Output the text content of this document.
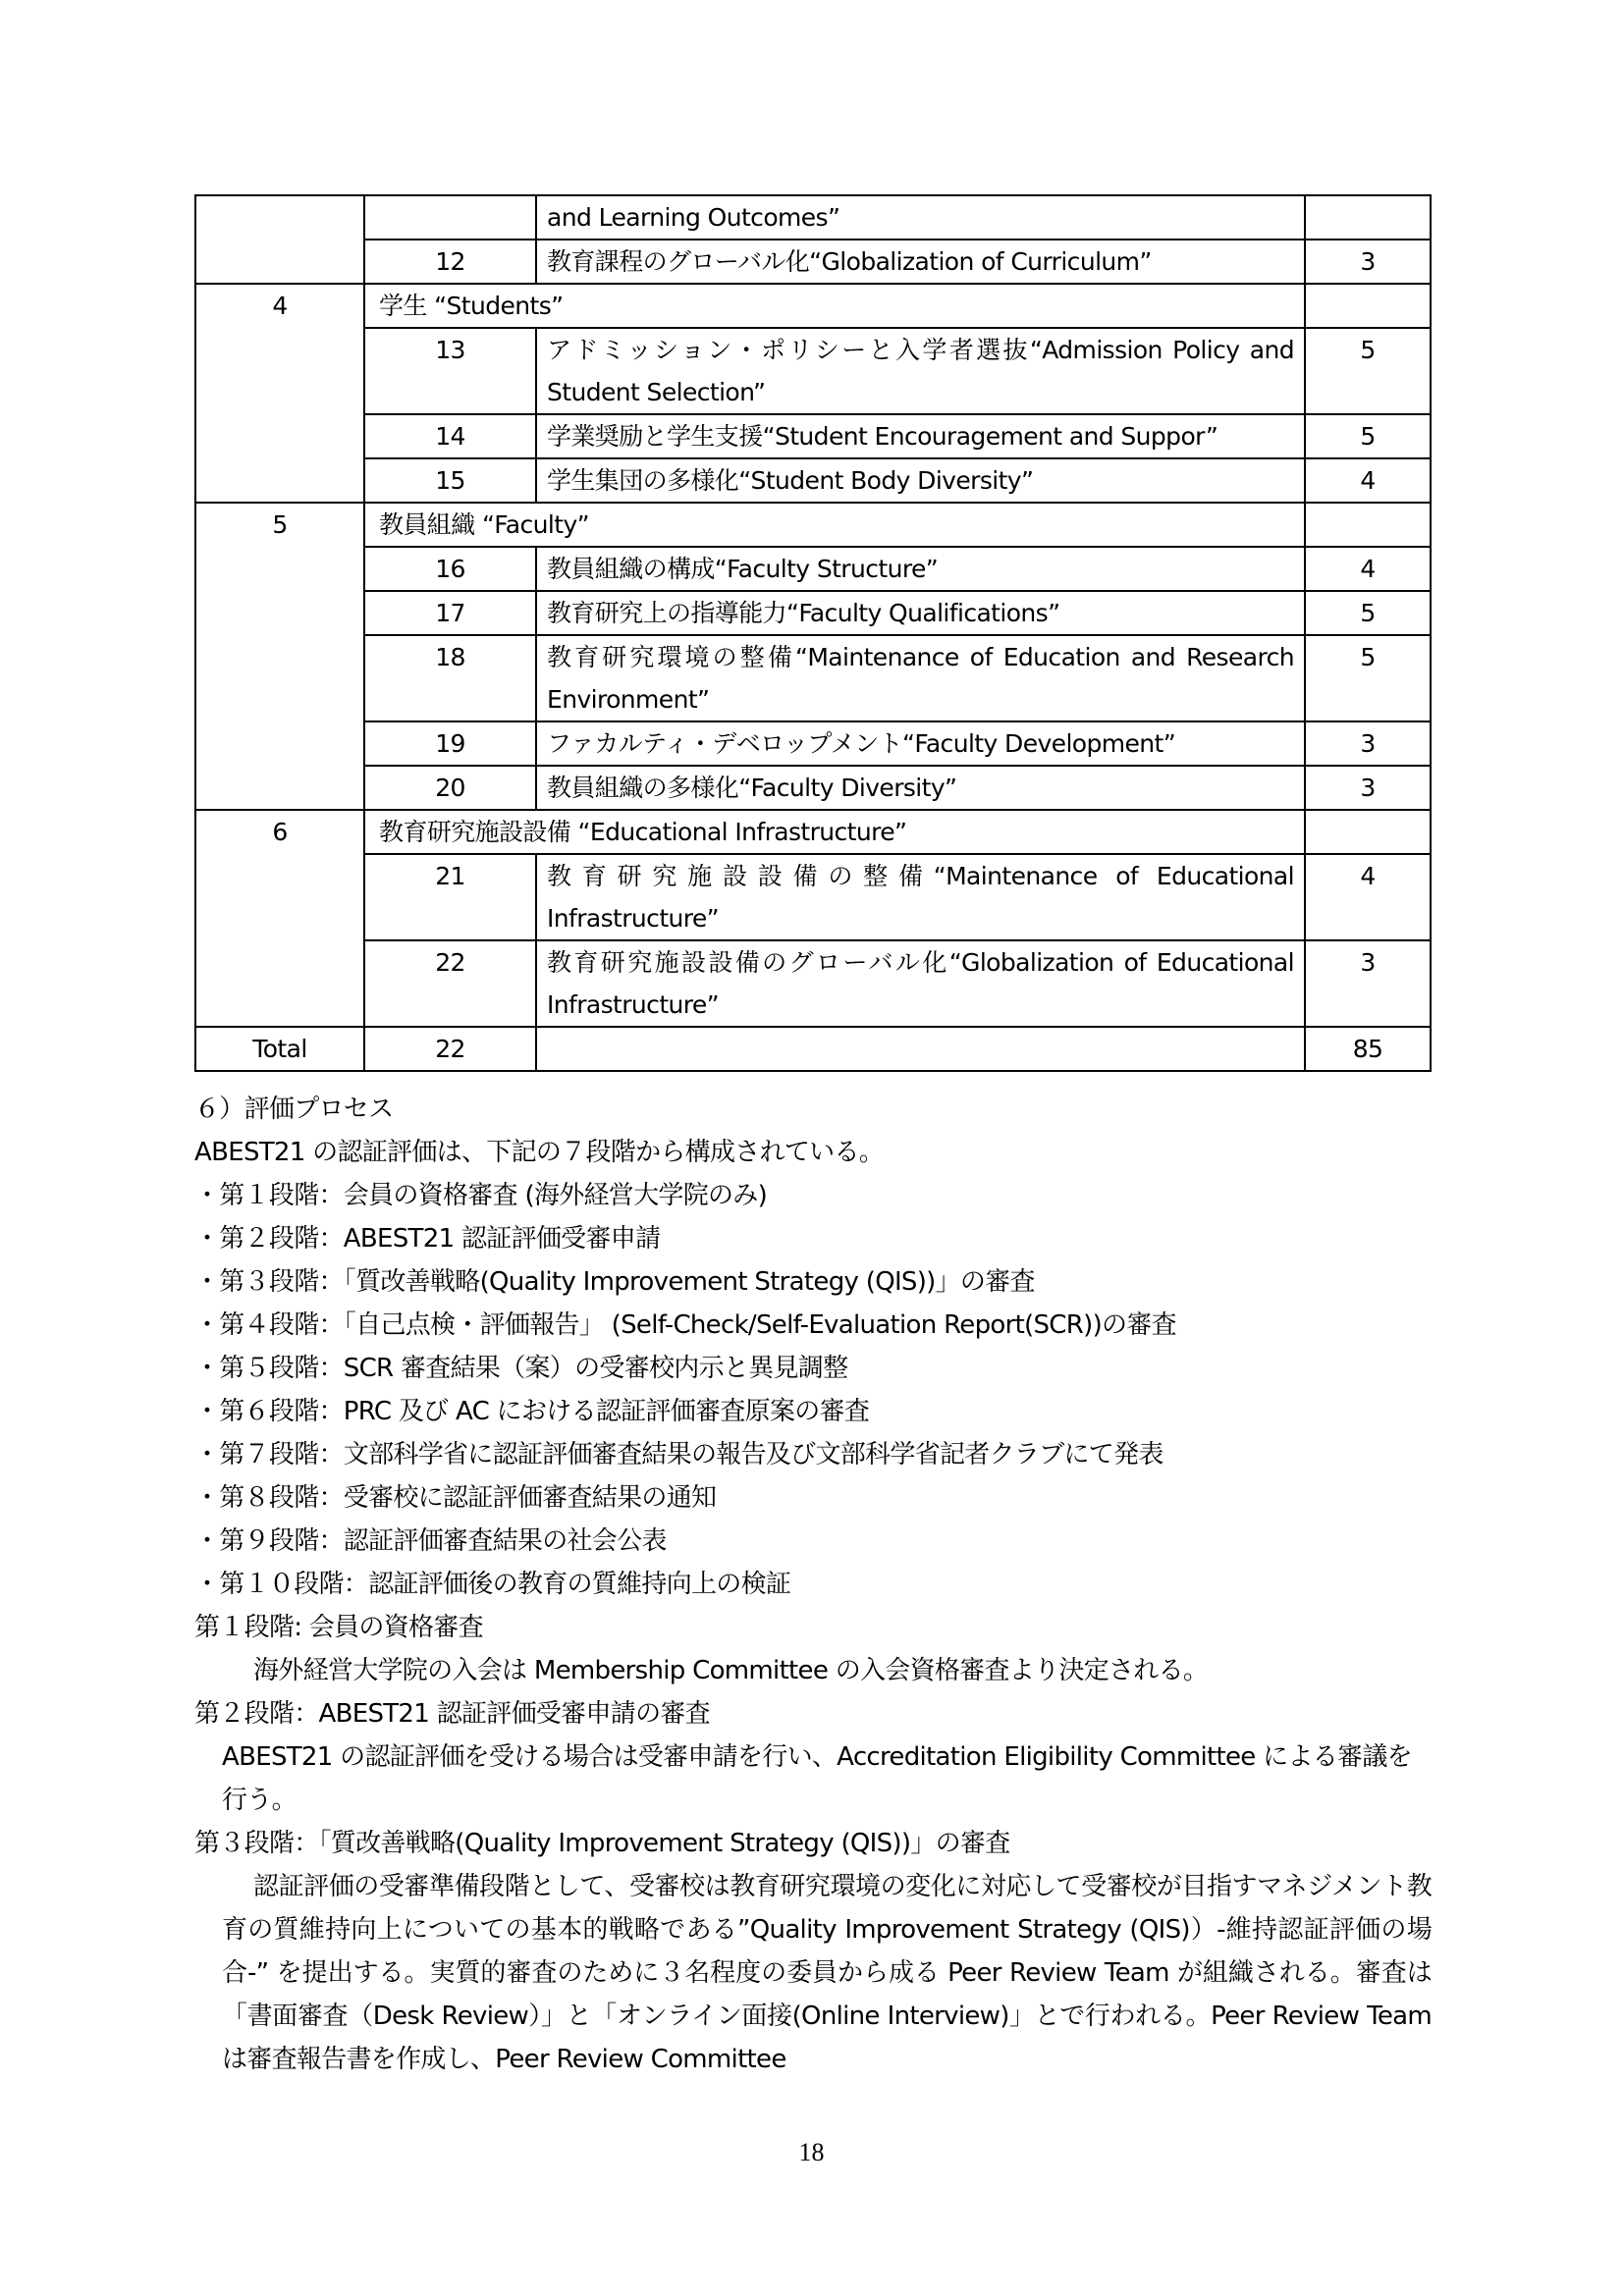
		and Learning Outcomes”	
	12	教育課程のグローバル化“Globalization of Curriculum”	3
4	学生 “Students”		
	13	アドミッション・ポリシーと入学者選抜“Admission Policy and Student Selection”	5
	14	学業奨励と学生支援“Student Encouragement and Suppor”	5
	15	学生集団の多様化“Student Body Diversity”	4
5	教員組織 “Faculty”		
	16	教員組織の構成“Faculty Structure”	4
	17	教育研究上の指導能力“Faculty Qualifications”	5
	18	教育研究環境の整備“Maintenance of Education and Research Environment”	5
	19	ファカルティ・デベロップメント“Faculty Development”	3
	20	教員組織の多様化“Faculty Diversity”	3
6	教育研究施設設備 “Educational Infrastructure”		
	21	教育研究施設設備の整備“Maintenance of Educational Infrastructure”	4
	22	教育研究施設設備のグローバル化“Globalization of Educational Infrastructure”	3
Total	22		85

６）評価プロセス

ABEST21 の認証評価は、下記の７段階から構成されている。

・第１段階：会員の資格審査 (海外経営大学院のみ)

・第２段階：ABEST21 認証評価受審申請

・第３段階：「質改善戦略(Quality Improvement Strategy (QIS))」の審査

・第４段階：「自己点検・評価報告」 (Self-Check/Self-Evaluation Report(SCR))の審査

・第５段階：SCR 審査結果（案）の受審校内示と異見調整

・第６段階：PRC 及び AC における認証評価審査原案の審査

・第７段階：文部科学省に認証評価審査結果の報告及び文部科学省記者クラブにて発表

・第８段階：受審校に認証評価審査結果の通知

・第９段階：認証評価審査結果の社会公表

・第１０段階：認証評価後の教育の質維持向上の検証

第１段階: 会員の資格審査

海外経営大学院の入会は Membership Committee の入会資格審査より決定される。

第２段階：ABEST21 認証評価受審申請の審査

ABEST21 の認証評価を受ける場合は受審申請を行い、Accreditation Eligibility Committee による審議を行う。

第３段階：「質改善戦略(Quality Improvement Strategy (QIS))」の審査

認証評価の受審準備段階として、受審校は教育研究環境の変化に対応して受審校が目指すマネジメント教育の質維持向上についての基本的戦略である”Quality Improvement Strategy (QIS)）-維持認証評価の場合-” を提出する。実質的審査のために３名程度の委員から成る Peer Review Team が組織される。審査は「書面審査（Desk Review）」と「オンライン面接(Online Interview)」とで行われる。Peer Review Team は審査報告書を作成し、Peer Review Committee

18
